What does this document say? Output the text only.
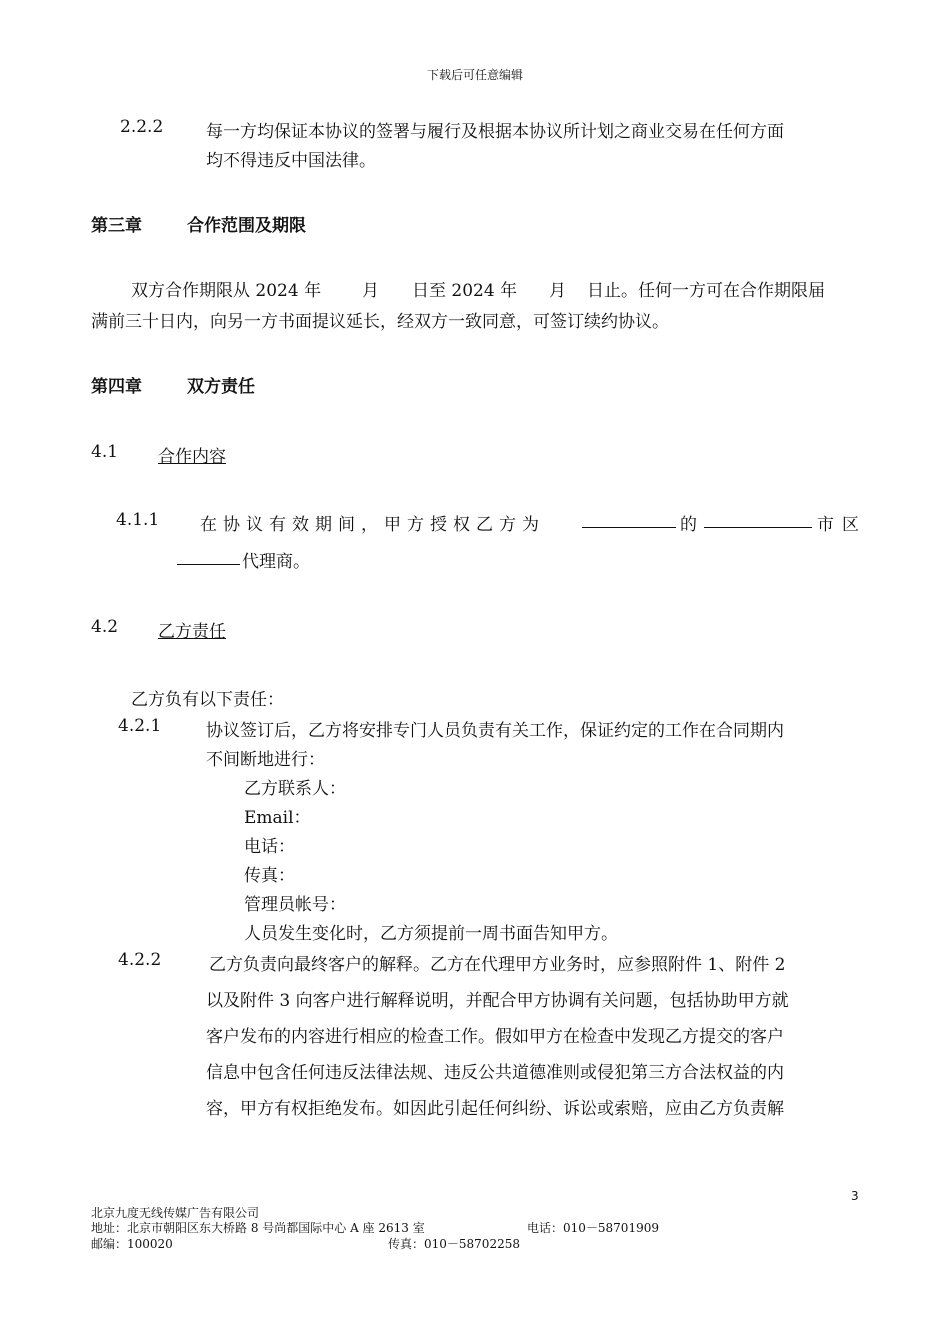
下载后可任意编辑
2.2.2	每一方均保证本协议的签署与履行及根据本协议所计划之商业交易在任何方面
均不得违反中国法律。
第三章	合作范围及期限
双方合作期限从 2024 年 月 日至 2024 年 月 日止。任何一方可在合作期限届
满前三十日内，向另一方书面提议延长，经双方一致同意，可签订续约协议。
第四章	双方责任
4.1 合作内容
4.1.1 在协议有效期间，甲方授权乙方为	的	市区
代理商。
4.2 乙方责任
乙方负有以下责任：
4.2.1	协议签订后，乙方将安排专门人员负责有关工作，保证约定的工作在合同期内
不间断地进行：
乙方联系人：
Email：
电话：
传真：
管理员帐号：
人员发生变化时，乙方须提前一周书面告知甲方。
4.2.2	乙方负责向最终客户的解释。乙方在代理甲方业务时，应参照附件 1、附件 2
以及附件 3 向客户进行解释说明，并配合甲方协调有关问题，包括协助甲方就
客户发布的内容进行相应的检查工作。假如甲方在检查中发现乙方提交的客户
信息中包含任何违反法律法规、违反公共道德准则或侵犯第三方合法权益的内
容，甲方有权拒绝发布。如因此引起任何纠纷、诉讼或索赔，应由乙方负责解
3
北京九度无线传媒广告有限公司
地址：北京市朝阳区东大桥路 8 号尚都国际中心 A 座 2613 室	电话：010－58701909
邮编：100020	传真：010－58702258
